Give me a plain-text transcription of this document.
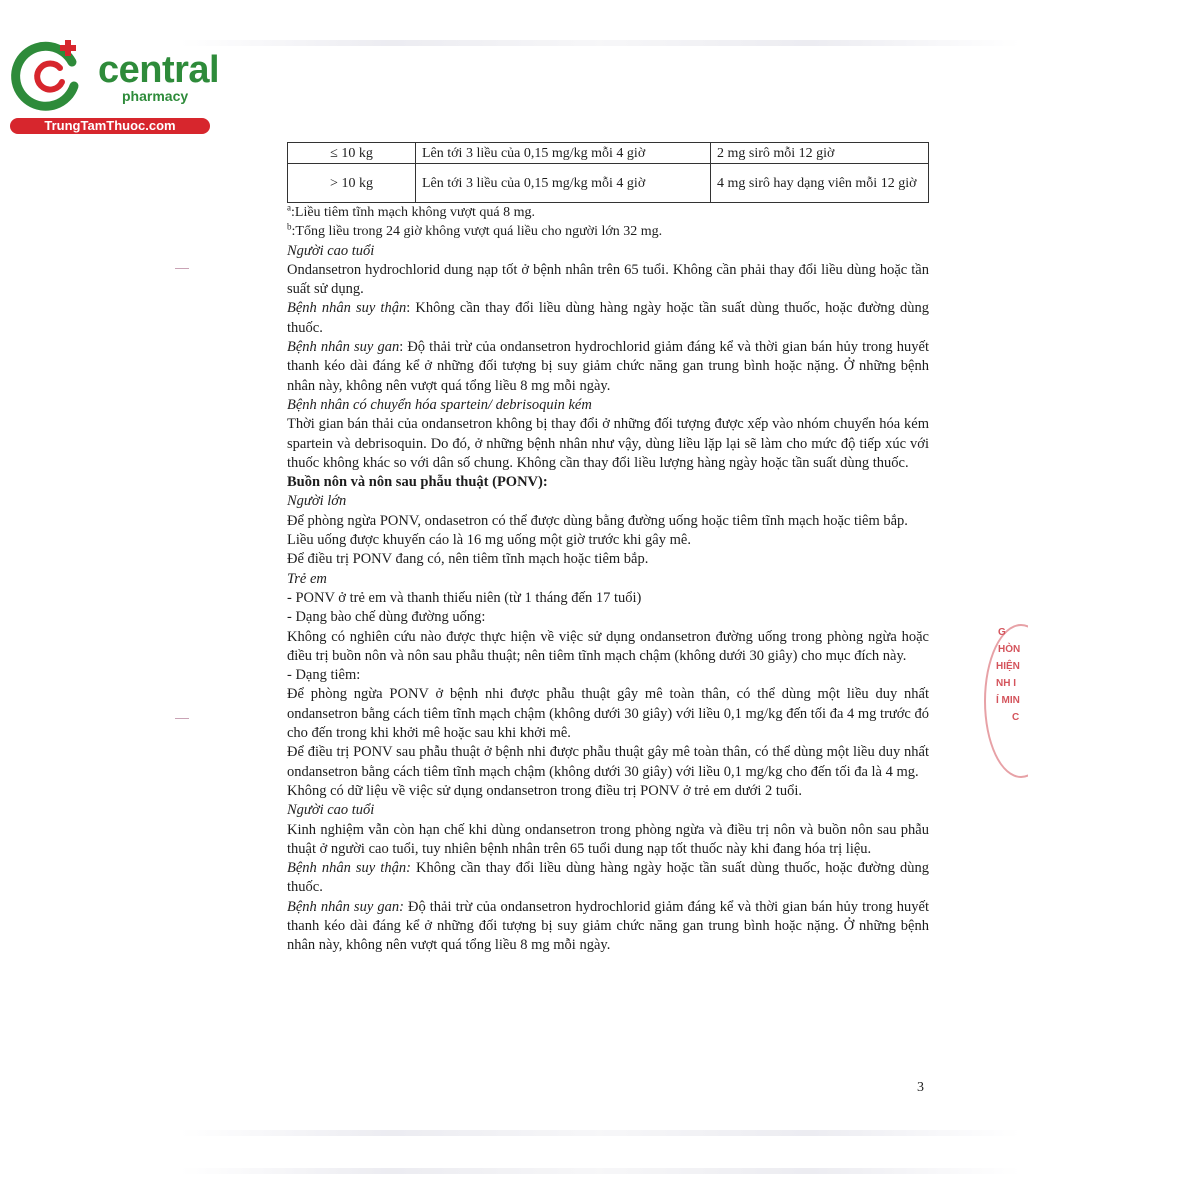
central
pharmacy
TrungTamThuoc.com
≤ 10 kg	Lên tới 3 liều của 0,15 mg/kg mỗi 4 giờ	2 mg sirô mỗi 12 giờ
> 10 kg	Lên tới 3 liều của 0,15 mg/kg mỗi 4 giờ	4 mg sirô hay dạng viên mỗi 12 giờ

$^a$:Liều tiêm tĩnh mạch không vượt quá 8 mg.

$^b$:Tổng liều trong 24 giờ không vượt quá liều cho người lớn 32 mg.

Người cao tuổi

Ondansetron hydrochlorid dung nạp tốt ở bệnh nhân trên 65 tuổi. Không cần phải thay đổi liều dùng hoặc tần suất sử dụng.

Bệnh nhân suy thận: Không cần thay đổi liều dùng hàng ngày hoặc tần suất dùng thuốc, hoặc đường dùng thuốc.

Bệnh nhân suy gan: Độ thải trừ của ondansetron hydrochlorid giảm đáng kể và thời gian bán hủy trong huyết thanh kéo dài đáng kể ở những đối tượng bị suy giảm chức năng gan trung bình hoặc nặng. Ở những bệnh nhân này, không nên vượt quá tổng liều 8 mg mỗi ngày.

Bệnh nhân có chuyển hóa spartein/ debrisoquin kém

Thời gian bán thải của ondansetron không bị thay đổi ở những đối tượng được xếp vào nhóm chuyển hóa kém spartein và debrisoquin. Do đó, ở những bệnh nhân như vậy, dùng liều lặp lại sẽ làm cho mức độ tiếp xúc với thuốc không khác so với dân số chung. Không cần thay đổi liều lượng hàng ngày hoặc tần suất dùng thuốc.

Buồn nôn và nôn sau phẫu thuật (PONV):

Người lớn

Để phòng ngừa PONV, ondasetron có thể được dùng bằng đường uống hoặc tiêm tĩnh mạch hoặc tiêm bắp.

Liều uống được khuyến cáo là 16 mg uống một giờ trước khi gây mê.

Để điều trị PONV đang có, nên tiêm tĩnh mạch hoặc tiêm bắp.

Trẻ em

- PONV ở trẻ em và thanh thiếu niên (từ 1 tháng đến 17 tuổi)

- Dạng bào chế dùng đường uống:

Không có nghiên cứu nào được thực hiện về việc sử dụng ondansetron đường uống trong phòng ngừa hoặc điều trị buồn nôn và nôn sau phẫu thuật; nên tiêm tĩnh mạch chậm (không dưới 30 giây) cho mục đích này.

- Dạng tiêm:

Để phòng ngừa PONV ở bệnh nhi được phẫu thuật gây mê toàn thân, có thể dùng một liều duy nhất ondansetron bằng cách tiêm tĩnh mạch chậm (không dưới 30 giây) với liều 0,1 mg/kg đến tối đa 4 mg trước đó cho đến trong khi khởi mê hoặc sau khi khởi mê.

Để điều trị PONV sau phẫu thuật ở bệnh nhi được phẫu thuật gây mê toàn thân, có thể dùng một liều duy nhất ondansetron bằng cách tiêm tĩnh mạch chậm (không dưới 30 giây) với liều 0,1 mg/kg cho đến tối đa là 4 mg.

Không có dữ liệu về việc sử dụng ondansetron trong điều trị PONV ở trẻ em dưới 2 tuổi.

Người cao tuổi

Kinh nghiệm vẫn còn hạn chế khi dùng ondansetron trong phòng ngừa và điều trị nôn và buồn nôn sau phẫu thuật ở người cao tuổi, tuy nhiên bệnh nhân trên 65 tuổi dung nạp tốt thuốc này khi đang hóa trị liệu.

Bệnh nhân suy thận: Không cần thay đổi liều dùng hàng ngày hoặc tần suất dùng thuốc, hoặc đường dùng thuốc.

Bệnh nhân suy gan: Độ thải trừ của ondansetron hydrochlorid giảm đáng kể và thời gian bán hủy trong huyết thanh kéo dài đáng kể ở những đối tượng bị suy giảm chức năng gan trung bình hoặc nặng. Ở những bệnh nhân này, không nên vượt quá tổng liều 8 mg mỗi ngày.

3
G
HÒN
HIỆN
NH I
Í MIN
C
